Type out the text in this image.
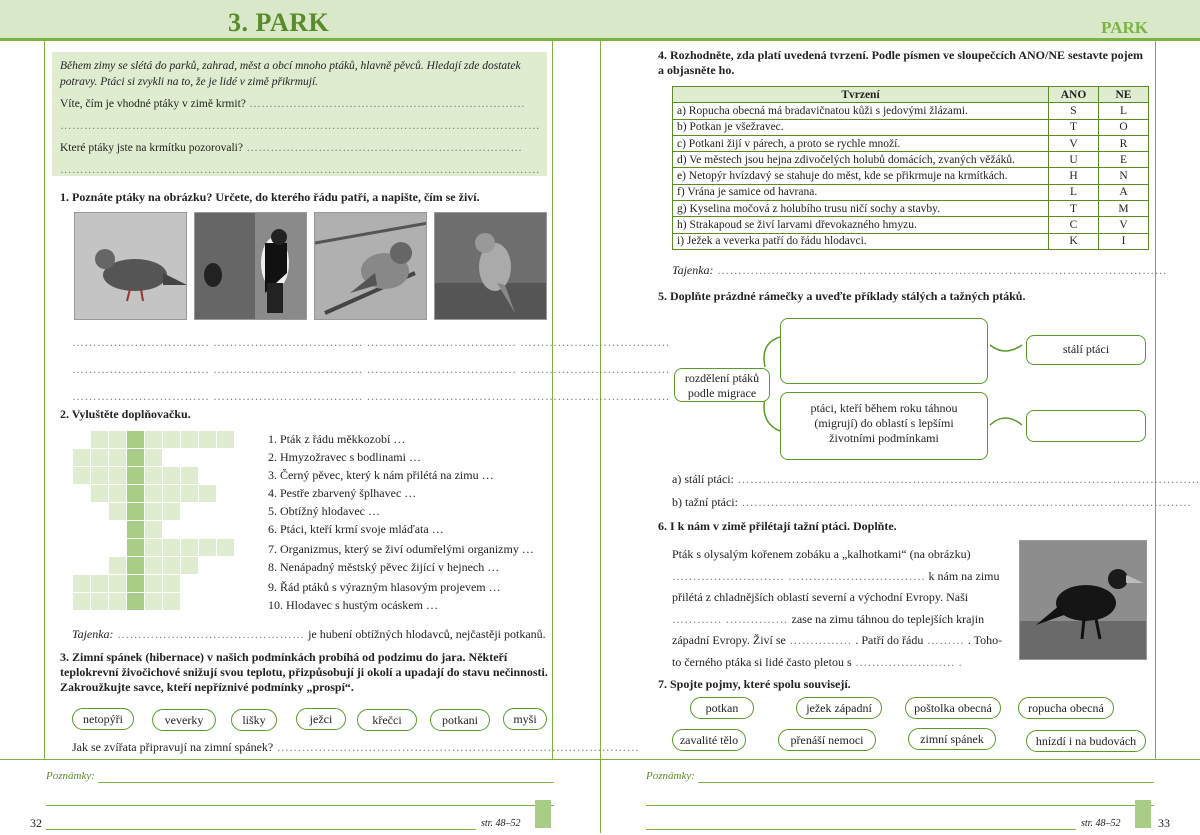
3. PARK	PARK
Během zimy se slétá do parků, zahrad, měst a obcí mnoho ptáků, hlavně pěvců. Hledají zde dostatek potravy. Ptáci si zvykli na to, že je lidé v zimě přikrmují.
Víte, čím je vhodné ptáky v zimě krmit? ……………………………………………………………
…………………………………………………………………………………………………………
Které ptáky jste na krmítku pozorovali? ……………………………………………………………
…………………………………………………………………………………………………………
1. Poznáte ptáky na obrázku? Určete, do kterého řádu patří, a napište, čím se živí.
…………………………… ……………………………… ……………………………… ………………………………
…………………………… ……………………………… ……………………………… ………………………………
…………………………… ……………………………… ……………………………… ………………………………
2. Vyluštěte doplňovačku.

1. Pták z řádu měkkozobí …
2. Hmyzožravec s bodlinami …
3. Černý pěvec, který k nám přilétá na zimu …
4. Pestře zbarvený šplhavec …
5. Obtížný hlodavec …
6. Ptáci, kteří krmí svoje mláďata …
7. Organizmus, který se živí odumřelými organizmy …
8. Nenápadný městský pěvec žijící v hejnech …
9. Řád ptáků s výrazným hlasovým projevem …
10. Hlodavec s hustým ocáskem …
Tajenka: ……………………………………… je hubení obtížných hlodavců, nejčastěji potkanů.
3. Zimní spánek (hibernace) v našich podmínkách probíhá od podzimu do jara. Někteří teplokrevní živočichové snižují svou teplotu, přizpůsobují ji okolí a upadají do stavu nečinnosti. Zakroužkujte savce, kteří nepříznivé podmínky „prospí“.
netopýři	veverky	lišky	ježci	křečci	potkani	myši
Jak se zvířata připravují na zimní spánek? ……………………………………………………………………………
4. Rozhodněte, zda platí uvedená tvrzení. Podle písmen ve sloupečcích ANO/NE sestavte pojem a objasněte ho.
Tvrzení	ANO	NE
a) Ropucha obecná má bradavičnatou kůži s jedovými žlázami.	S	L
b) Potkan je všežravec.	T	O
c) Potkani žijí v párech, a proto se rychle množí.	V	R
d) Ve městech jsou hejna zdivočelých holubů domácích, zvaných věžáků.	U	E
e) Netopýr hvízdavý se stahuje do měst, kde se přikrmuje na krmítkách.	H	N
f) Vrána je samice od havrana.	L	A
g) Kyselina močová z holubího trusu ničí sochy a stavby.	T	M
h) Strakapoud se živí larvami dřevokazného hmyzu.	C	V
i) Ježek a veverka patří do řádu hlodavci.	K	I
Tajenka: ………………………………………………………………………………………………
5. Doplňte prázdné rámečky a uveďte příklady stálých a tažných ptáků.
rozdělení ptáků podle migrace
stálí ptáci
ptáci, kteří během roku táhnou (migrují) do oblastí s lepšími životními podmínkami
a) stálí ptáci: …………………………………………………………………………………………………
b) tažní ptáci: ………………………………………………………………………………………………
6. I k nám v zimě přilétají tažní ptáci. Doplňte.
Pták s olysalým kořenem zobáku a „kalhotkami“ (na obrázku)
……………………… …………………………… k nám na zimu
přilétá z chladnějších oblastí severní a východní Evropy. Naši
………… …………… zase na zimu táhnou do teplejších krajin
západní Evropy. Živí se …………… . Patří do řádu ……… . Toho-
to černého ptáka si lidé často pletou s …………………… .
7. Spojte pojmy, které spolu souvisejí.
potkan	ježek západní	poštolka obecná	ropucha obecná
zavalité tělo	přenáší nemoci	zimní spánek	hnízdí i na budovách
Poznámky:
str. 48–52
32
Poznámky:
str. 48–52	33
